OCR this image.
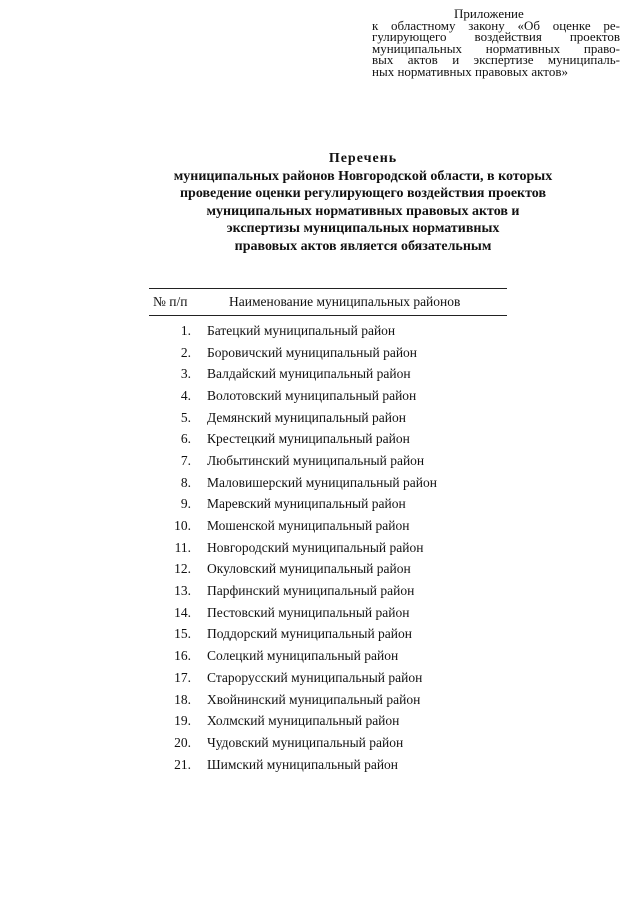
Приложение
к областному закону «Об оценке ре-
гулирующего воздействия проектов
муниципальных нормативных право-
вых актов и экспертизе муниципаль-
ных нормативных правовых актов»
Перечень
муниципальных районов Новгородской области, в которых
проведение оценки регулирующего воздействия проектов
муниципальных нормативных правовых актов и
экспертизы муниципальных нормативных
правовых актов является обязательным
№ п/п	Наименование муниципальных районов
1.	Батецкий муниципальный район
2.	Боровичский муниципальный район
3.	Валдайский муниципальный район
4.	Волотовский муниципальный район
5.	Демянский муниципальный район
6.	Крестецкий муниципальный район
7.	Любытинский муниципальный район
8.	Маловишерский муниципальный район
9.	Маревский муниципальный район
10.	Мошенской муниципальный район
11.	Новгородский муниципальный район
12.	Окуловский муниципальный район
13.	Парфинский муниципальный район
14.	Пестовский муниципальный район
15.	Поддорский муниципальный район
16.	Солецкий муниципальный район
17.	Старорусский муниципальный район
18.	Хвойнинский муниципальный район
19.	Холмский муниципальный район
20.	Чудовский муниципальный район
21.	Шимский муниципальный район
